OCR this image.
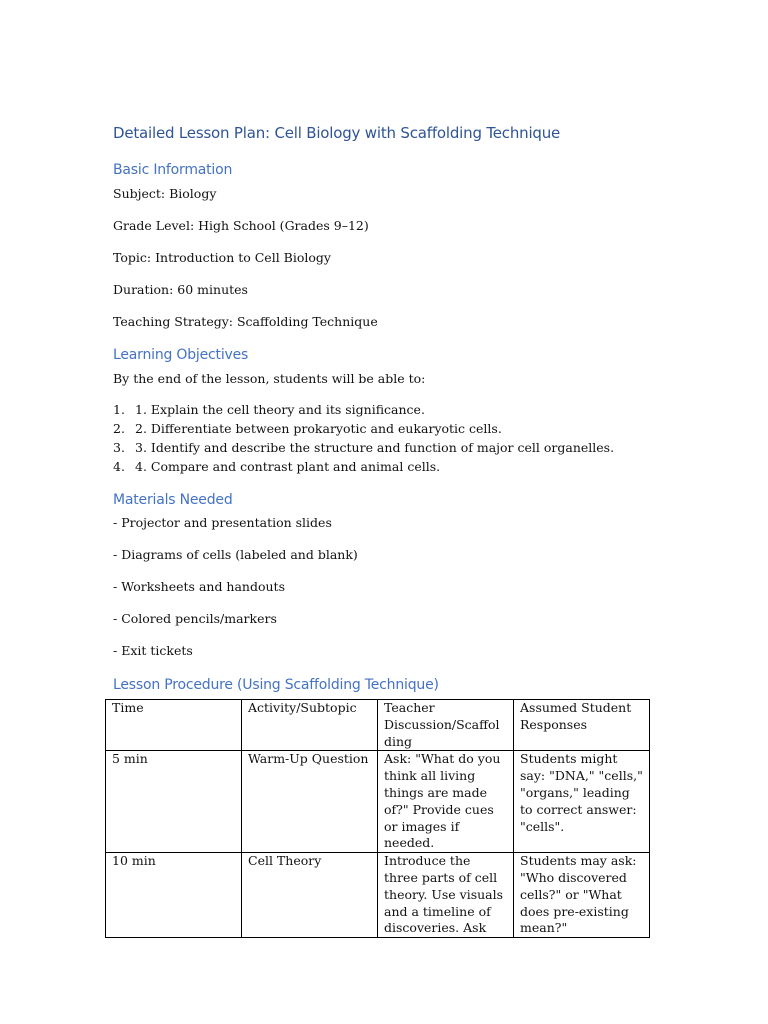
Detailed Lesson Plan: Cell Biology with Scaffolding Technique
Basic Information
Subject: Biology
Grade Level: High School (Grades 9–12)
Topic: Introduction to Cell Biology
Duration: 60 minutes
Teaching Strategy: Scaffolding Technique
Learning Objectives
By the end of the lesson, students will be able to:
1. 1. Explain the cell theory and its significance.
2. 2. Differentiate between prokaryotic and eukaryotic cells.
3. 3. Identify and describe the structure and function of major cell organelles.
4. 4. Compare and contrast plant and animal cells.
Materials Needed
- Projector and presentation slides
- Diagrams of cells (labeled and blank)
- Worksheets and handouts
- Colored pencils/markers
- Exit tickets
Lesson Procedure (Using Scaffolding Technique)
Time	Activity/Subtopic	Teacher Discussion/Scaffolding	Assumed Student Responses
5 min	Warm-Up Question	Ask: "What do you think all living things are made of?" Provide cues or images if needed.	Students might say: "DNA," "cells," "organs," leading to correct answer: "cells".
10 min	Cell Theory	Introduce the three parts of cell theory. Use visuals and a timeline of discoveries. Ask	Students may ask: "Who discovered cells?" or "What does pre-existing mean?"
